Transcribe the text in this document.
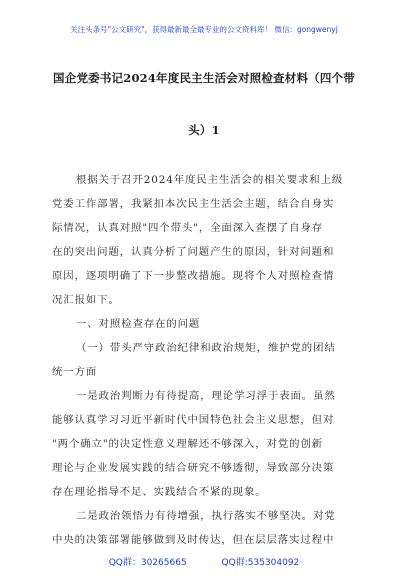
关注头条号"公文研究"，获得最新最全最专业的公文资料库！ 微信：gongwenyj
国企党委书记2024年度民主生活会对照检查材料（四个带
头）1
根据关于召开2024年度民主生活会的相关要求和上级
党委工作部署，我紧扣本次民主生活会主题，结合自身实
际情况，认真对照"四个带头"，全面深入查摆了自身存
在的突出问题，认真分析了问题产生的原因，针对问题和
原因，逐项明确了下一步整改措施。现将个人对照检查情
况汇报如下。
一、对照检查存在的问题
（一）带头严守政治纪律和政治规矩，维护党的团结
统一方面
一是政治判断力有待提高，理论学习浮于表面。虽然
能够认真学习习近平新时代中国特色社会主义思想，但对
"两个确立"的决定性意义理解还不够深入，对党的创新
理论与企业发展实践的结合研究不够透彻，导致部分决策
存在理论指导不足、实践结合不紧的现象。
二是政治领悟力有待增强，执行落实不够坚决。对党
中央的决策部署能够做到及时传达，但在层层落实过程中
QQ群：30265665	QQ群:535304092
